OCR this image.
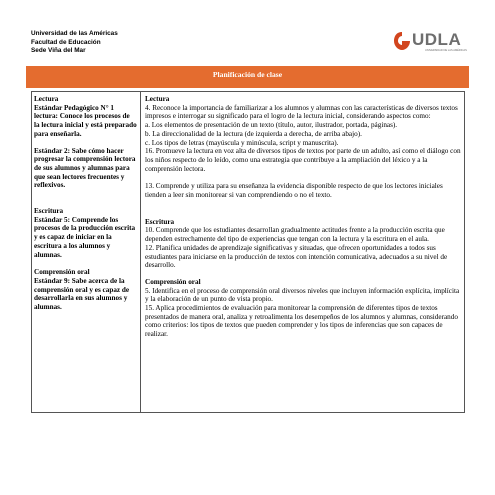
Universidad de las Américas
Facultad de Educación
Sede Viña del Mar
UDLA
UNIVERSIDAD DE LAS AMÉRICAS
Planificación de clase

Lectura

Estándar Pedagógico N° 1 lectura: Conoce los procesos de la lectura inicial y está preparado para enseñarla.

Estándar 2: Sabe cómo hacer progresar la comprensión lectora de sus alumnos y alumnas para que sean lectores frecuentes y reflexivos.

Escritura

Estándar 5: Comprende los procesos de la producción escrita y es capaz de iniciar en la escritura a los alumnos y alumnas.

Comprensión oral

Estándar 9: Sabe acerca de la comprensión oral y es capaz de desarrollarla en sus alumnos y alumnas.

Lectura

4. Reconoce la importancia de familiarizar a los alumnos y alumnas con las características de diversos textos impresos e interrogar su significado para el logro de la lectura inicial, considerando aspectos como:

a. Los elementos de presentación de un texto (título, autor, ilustrador, portada, páginas).

b. La direccionalidad de la lectura (de izquierda a derecha, de arriba abajo).

c. Los tipos de letras (mayúscula y minúscula, script y manuscrita).

16. Promueve la lectura en voz alta de diversos tipos de textos por parte de un adulto, así como el diálogo con los niños respecto de lo leído, como una estrategia que contribuye a la ampliación del léxico y a la comprensión lectora.

13. Comprende y utiliza para su enseñanza la evidencia disponible respecto de que los lectores iniciales tienden a leer sin monitorear si van comprendiendo o no el texto.

Escritura

10. Comprende que los estudiantes desarrollan gradualmente actitudes frente a la producción escrita que dependen estrechamente del tipo de experiencias que tengan con la lectura y la escritura en el aula.

12. Planifica unidades de aprendizaje significativas y situadas, que ofrecen oportunidades a todos sus estudiantes para iniciarse en la producción de textos con intención comunicativa, adecuados a su nivel de desarrollo.

Comprensión oral

5. Identifica en el proceso de comprensión oral diversos niveles que incluyen información explícita, implícita y la elaboración de un punto de vista propio.

15. Aplica procedimientos de evaluación para monitorear la comprensión de diferentes tipos de textos presentados de manera oral, analiza y retroalimenta los desempeños de los alumnos y alumnas, considerando como criterios: los tipos de textos que pueden comprender y los tipos de inferencias que son capaces de realizar.
